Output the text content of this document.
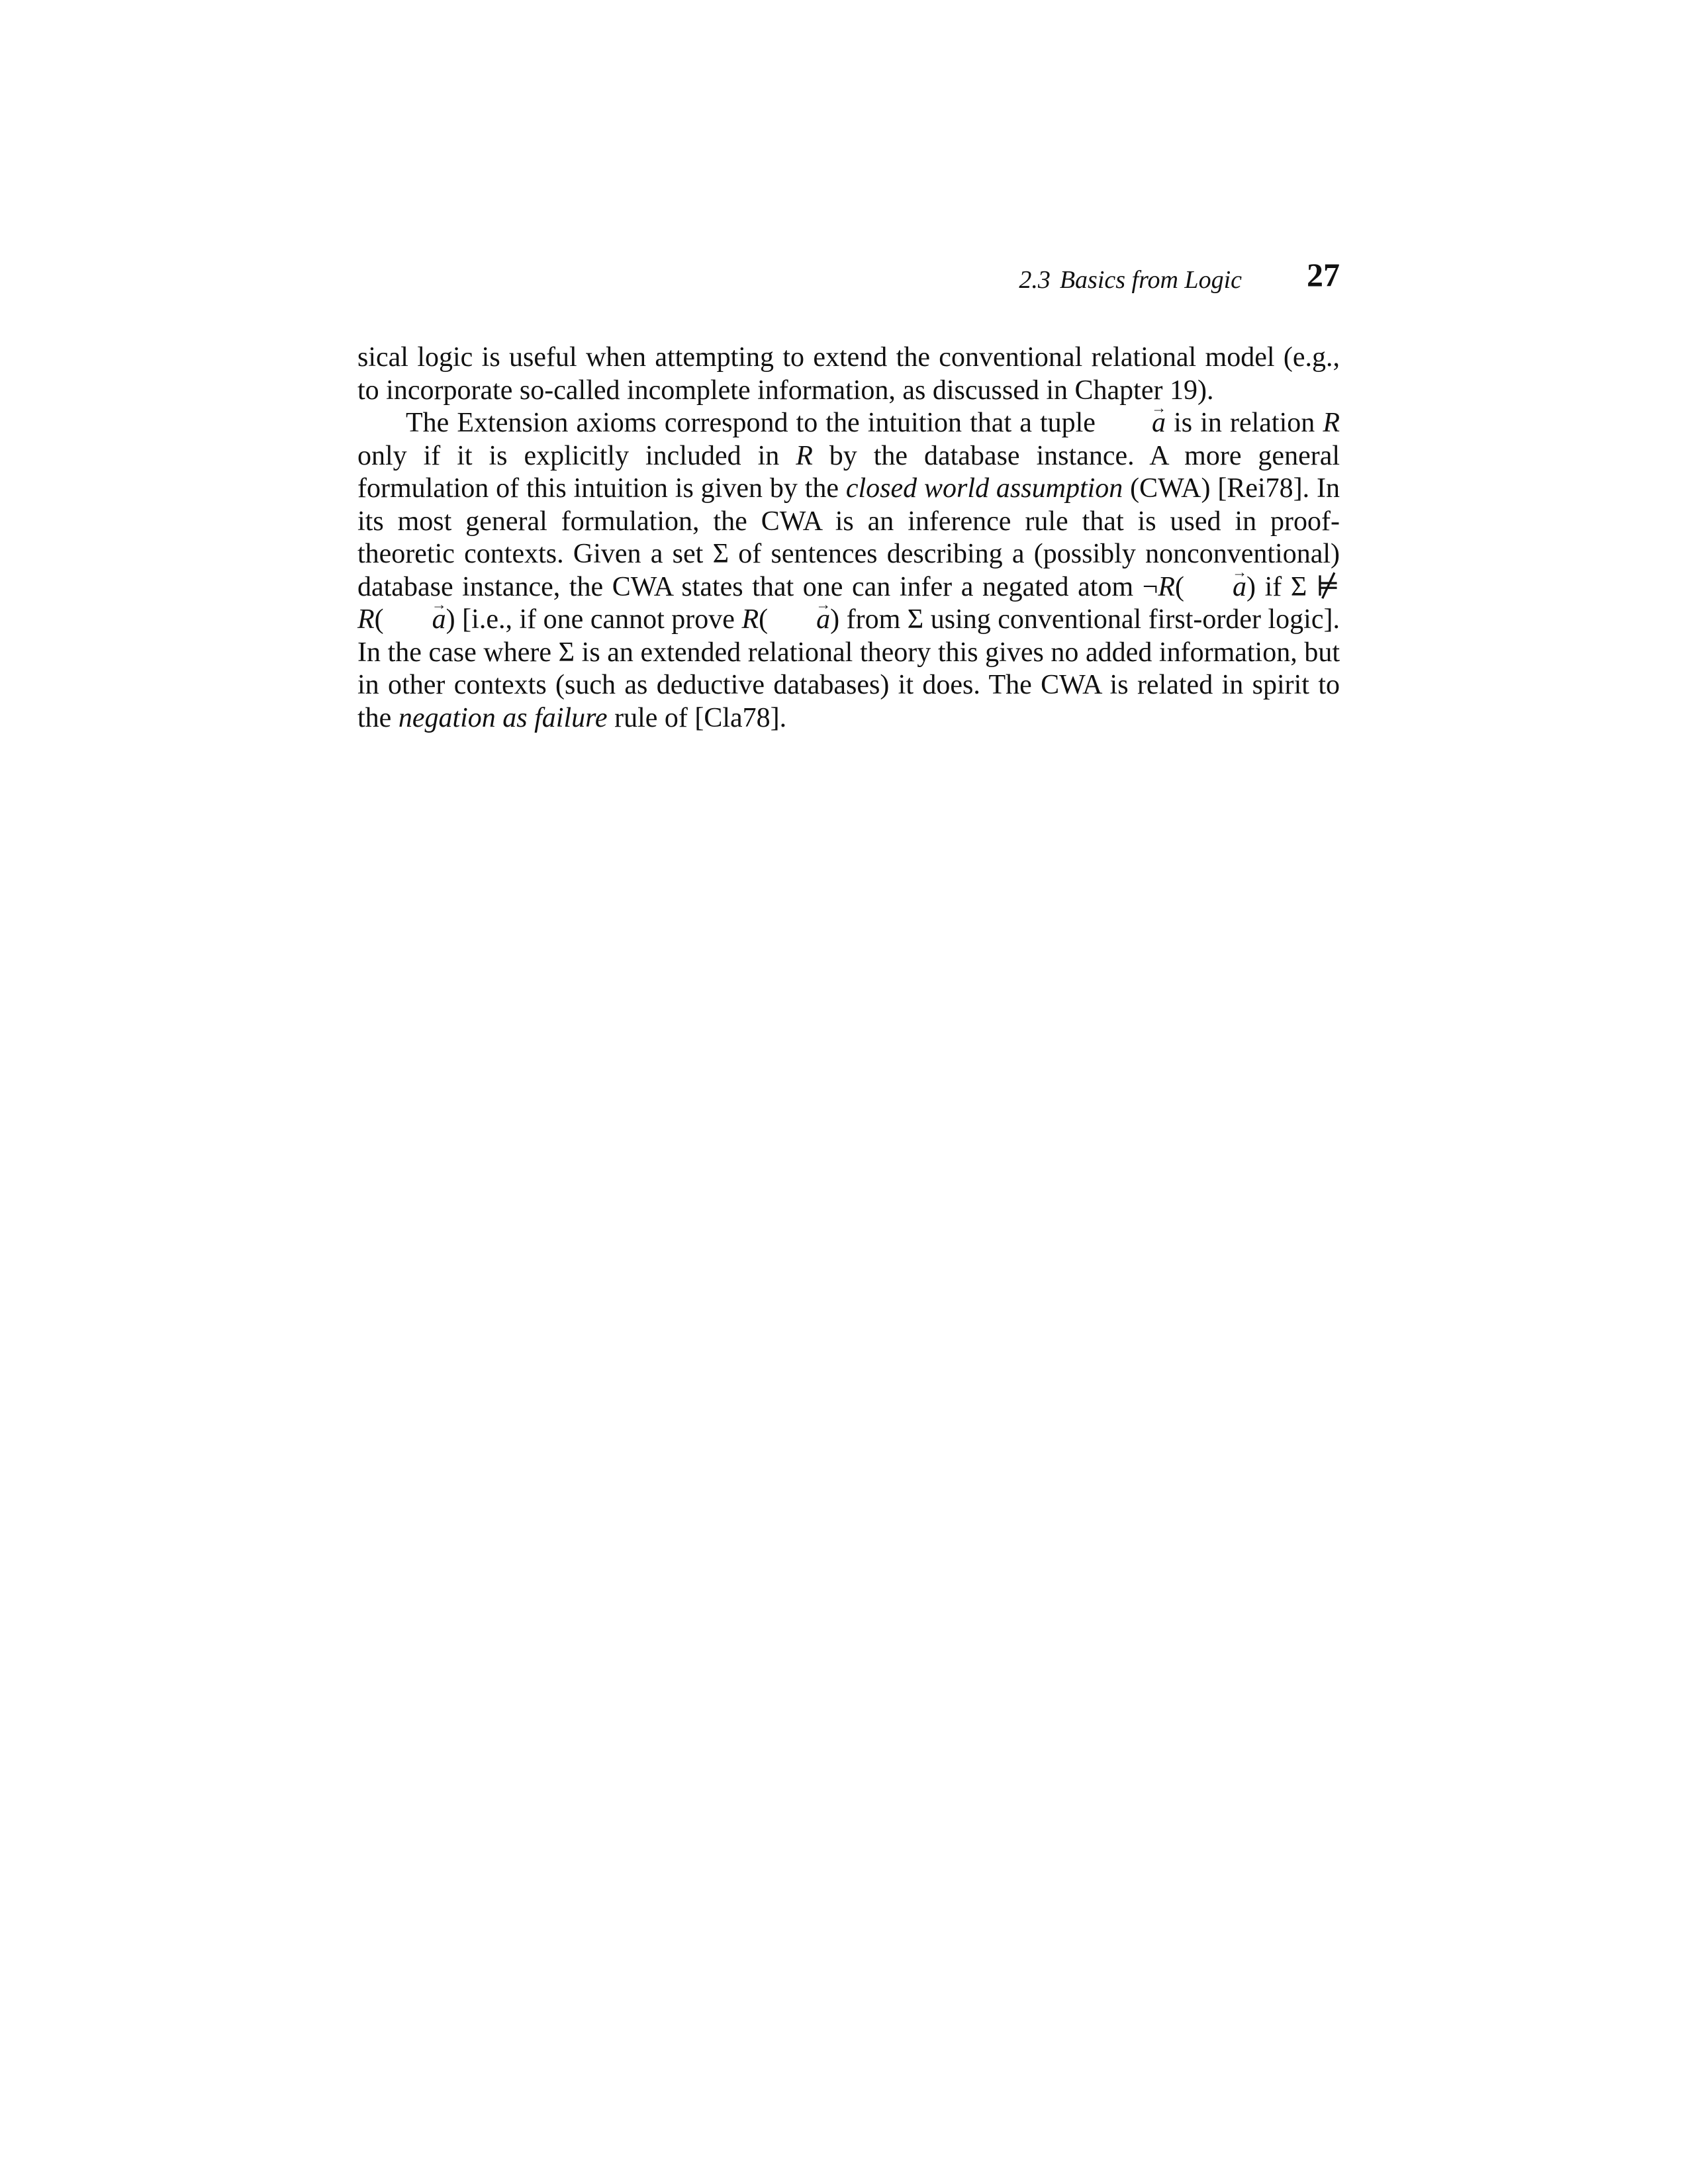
2.3 Basics from Logic 27

sical logic is useful when attempting to extend the conventional relational model (e.g., to incorporate so-called incomplete information, as discussed in Chapter 19).

The Extension axioms correspond to the intuition that a tuple a → is in relation R only if it is explicitly included in R by the database instance. A more general formulation of this intuition is given by the closed world assumption (CWA) [Rei78]. In its most general formulation, the CWA is an inference rule that is used in proof-theoretic contexts. Given a set Σ of sentences describing a (possibly nonconventional) database instance, the CWA states that one can infer a negated atom ¬R( a →) if Σ ⊭ R( a →) [i.e., if one cannot prove R( a →) from Σ using conventional first-order logic]. In the case where Σ is an extended relational theory this gives no added information, but in other contexts (such as deductive databases) it does. The CWA is related in spirit to the negation as failure rule of [Cla78].
